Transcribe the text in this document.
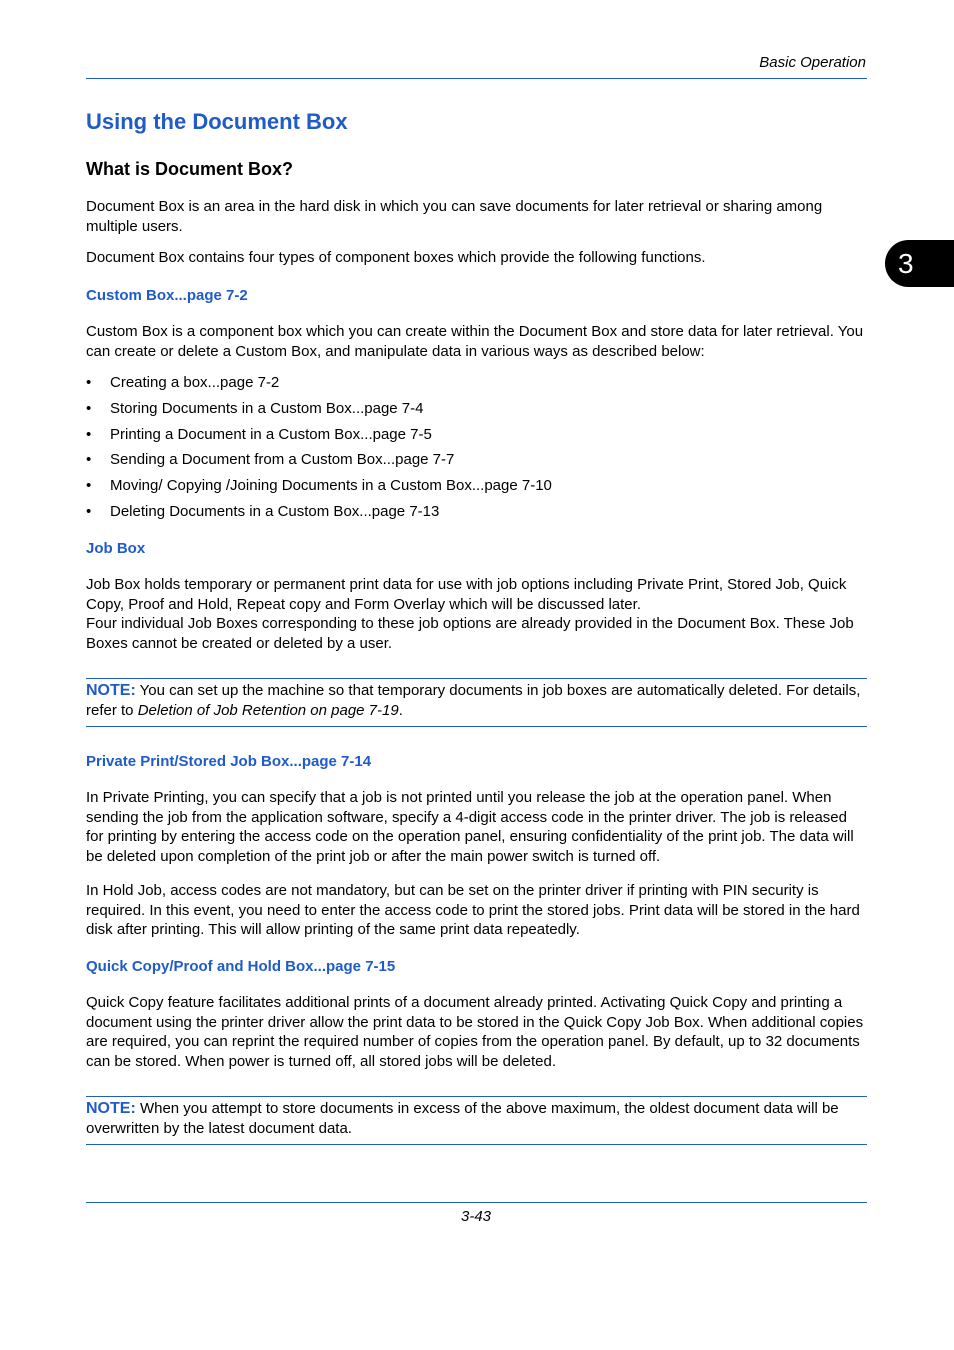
Basic Operation
3
Using the Document Box
What is Document Box?
Document Box is an area in the hard disk in which you can save documents for later retrieval or sharing among multiple users.
Document Box contains four types of component boxes which provide the following functions.
Custom Box...page 7-2
Custom Box is a component box which you can create within the Document Box and store data for later retrieval. You can create or delete a Custom Box, and manipulate data in various ways as described below:
• Creating a box...page 7-2
• Storing Documents in a Custom Box...page 7-4
• Printing a Document in a Custom Box...page 7-5
• Sending a Document from a Custom Box...page 7-7
• Moving/ Copying /Joining Documents in a Custom Box...page 7-10
• Deleting Documents in a Custom Box...page 7-13
Job Box
Job Box holds temporary or permanent print data for use with job options including Private Print, Stored Job, Quick Copy, Proof and Hold, Repeat copy and Form Overlay which will be discussed later.
Four individual Job Boxes corresponding to these job options are already provided in the Document Box. These Job Boxes cannot be created or deleted by a user.
NOTE: You can set up the machine so that temporary documents in job boxes are automatically deleted. For details, refer to Deletion of Job Retention on page 7-19.
Private Print/Stored Job Box...page 7-14
In Private Printing, you can specify that a job is not printed until you release the job at the operation panel. When sending the job from the application software, specify a 4-digit access code in the printer driver. The job is released for printing by entering the access code on the operation panel, ensuring confidentiality of the print job. The data will be deleted upon completion of the print job or after the main power switch is turned off.
In Hold Job, access codes are not mandatory, but can be set on the printer driver if printing with PIN security is required. In this event, you need to enter the access code to print the stored jobs. Print data will be stored in the hard disk after printing. This will allow printing of the same print data repeatedly.
Quick Copy/Proof and Hold Box...page 7-15
Quick Copy feature facilitates additional prints of a document already printed. Activating Quick Copy and printing a document using the printer driver allow the print data to be stored in the Quick Copy Job Box. When additional copies are required, you can reprint the required number of copies from the operation panel. By default, up to 32 documents can be stored. When power is turned off, all stored jobs will be deleted.
NOTE: When you attempt to store documents in excess of the above maximum, the oldest document data will be overwritten by the latest document data.
3-43
